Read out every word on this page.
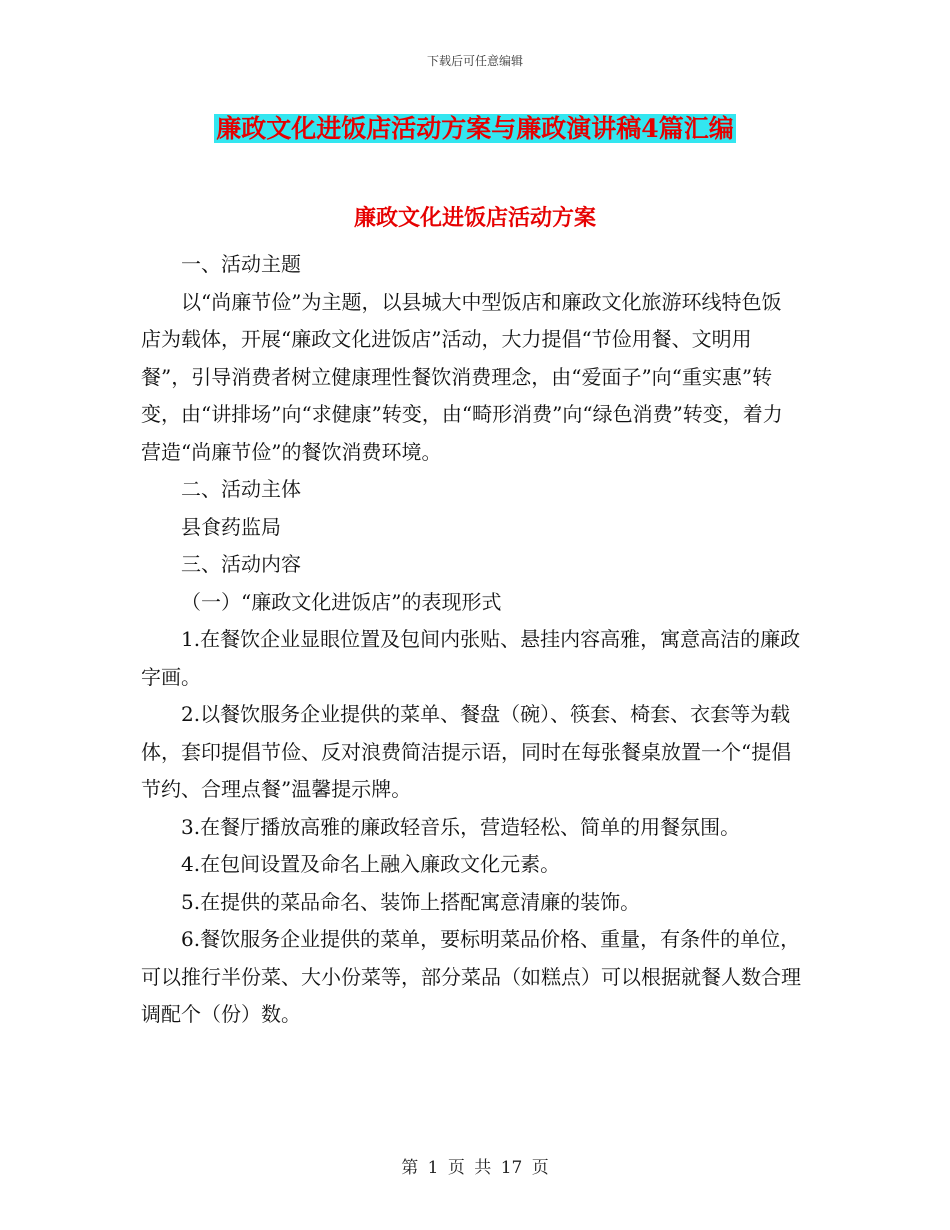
下载后可任意编辑
廉政文化进饭店活动方案与廉政演讲稿4篇汇编
廉政文化进饭店活动方案

一、活动主题

以“尚廉节俭”为主题，以县城大中型饭店和廉政文化旅游环线特色饭店为载体，开展“廉政文化进饭店”活动，大力提倡“节俭用餐、文明用餐”，引导消费者树立健康理性餐饮消费理念，由“爱面子”向“重实惠”转变，由“讲排场”向“求健康”转变，由“畸形消费”向“绿色消费”转变，着力营造“尚廉节俭”的餐饮消费环境。

二、活动主体

县食药监局

三、活动内容

（一）“廉政文化进饭店”的表现形式

1.在餐饮企业显眼位置及包间内张贴、悬挂内容高雅，寓意高洁的廉政字画。

2.以餐饮服务企业提供的菜单、餐盘（碗）、筷套、椅套、衣套等为载体，套印提倡节俭、反对浪费简洁提示语，同时在每张餐桌放置一个“提倡节约、合理点餐”温馨提示牌。

3.在餐厅播放高雅的廉政轻音乐，营造轻松、简单的用餐氛围。

4.在包间设置及命名上融入廉政文化元素。

5.在提供的菜品命名、装饰上搭配寓意清廉的装饰。

6.餐饮服务企业提供的菜单，要标明菜品价格、重量，有条件的单位，可以推行半份菜、大小份菜等，部分菜品（如糕点）可以根据就餐人数合理调配个（份）数。

第 1 页 共 17 页
